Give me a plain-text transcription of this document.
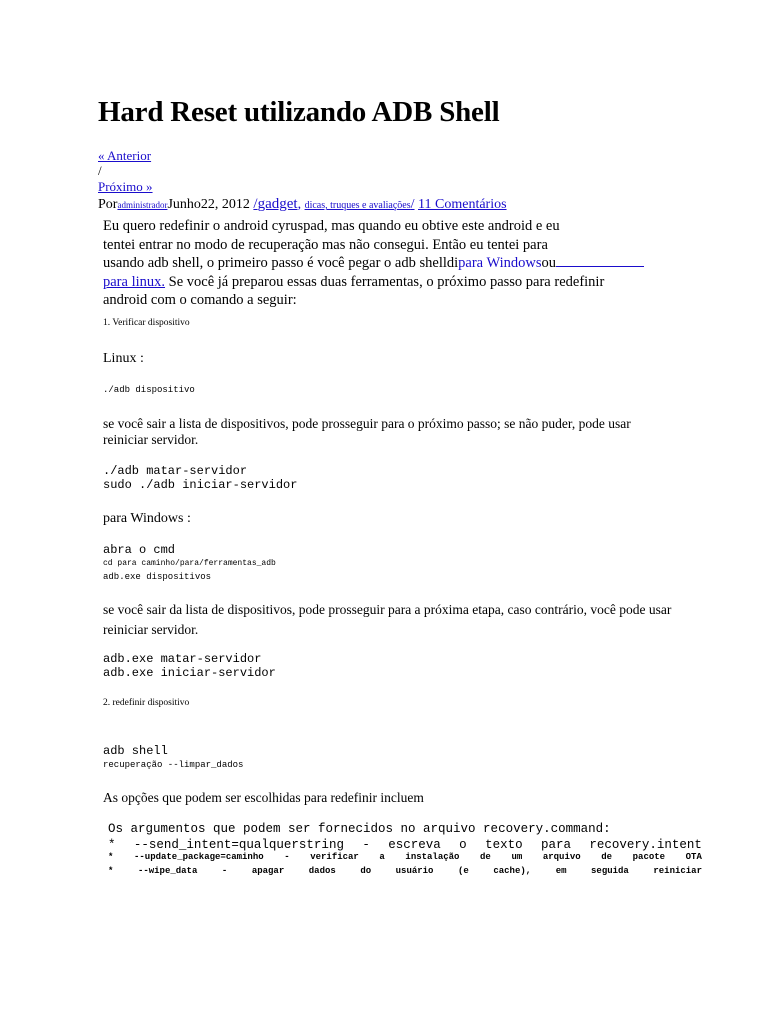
Hard Reset utilizando ADB Shell
« Anterior
/
Próximo »
PoradministradorJunho22, 2012 /gadget, dicas, truques e avaliações/ 11 Comentários
Eu quero redefinir o android cyruspad, mas quando eu obtive este android e eu
tentei entrar no modo de recuperação mas não consegui. Então eu tentei para
usando adb shell, o primeiro passo é você pegar o adb shelldipara Windowsou
para linux. Se você já preparou essas duas ferramentas, o próximo passo para redefinir
android com o comando a seguir:
1. Verificar dispositivo
Linux :
./adb dispositivo
se você sair a lista de dispositivos, pode prosseguir para o próximo passo; se não puder, pode usar
reiniciar servidor.
./adb matar-servidor
sudo ./adb iniciar-servidor
para Windows :
abra o cmd
cd para caminho/para/ferramentas_adb
adb.exe dispositivos
se você sair da lista de dispositivos, pode prosseguir para a próxima etapa, caso contrário, você pode usar
reiniciar servidor.
adb.exe matar-servidor
adb.exe iniciar-servidor
2. redefinir dispositivo
adb shell
recuperação --limpar_dados
As opções que podem ser escolhidas para redefinir incluem
Os argumentos que podem ser fornecidos no arquivo recovery.command:
* --send_intent=qualquerstring - escreva o texto para recovery.intent
* --update_package=caminho - verificar a instalação de um arquivo de pacote OTA
*	--wipe_data	-	apagar	dados	do	usuário	(e	cache),	em	seguida	reiniciar
